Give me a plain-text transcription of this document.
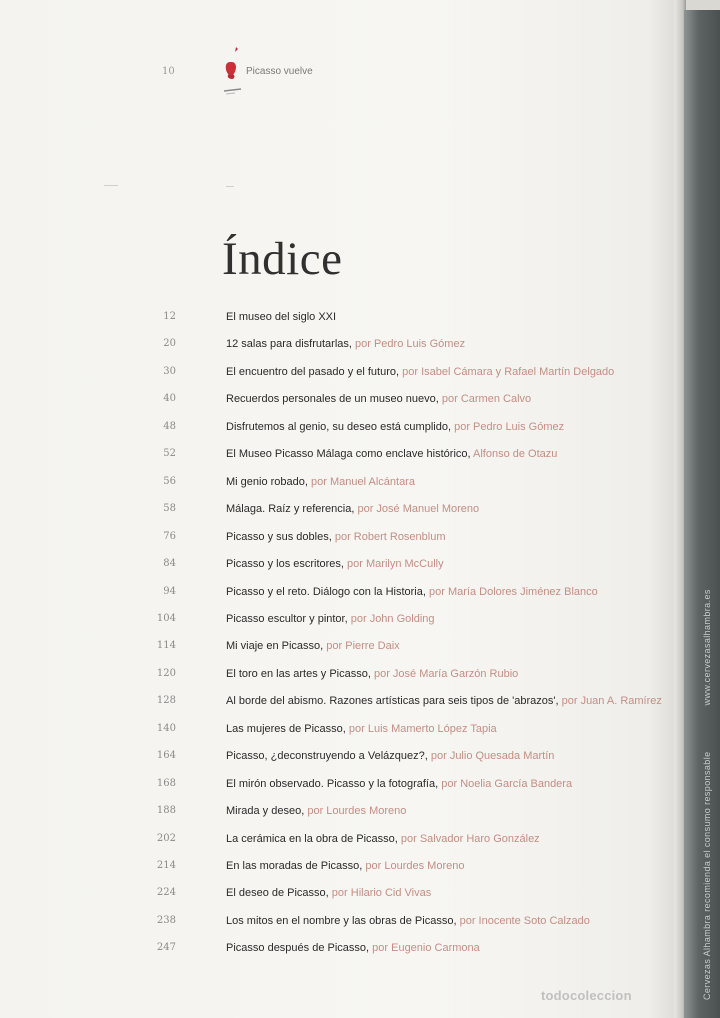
Cervezas Alhambra recomienda el consumo responsablewww.cervezasalhambra.es
10	Picasso vuelve
Índice
12	El museo del siglo XXI
20	12 salas para disfrutarlas, por Pedro Luis Gómez
30	El encuentro del pasado y el futuro, por Isabel Cámara y Rafael Martín Delgado
40	Recuerdos personales de un museo nuevo, por Carmen Calvo
48	Disfrutemos al genio, su deseo está cumplido, por Pedro Luis Gómez
52	El Museo Picasso Málaga como enclave histórico, Alfonso de Otazu
56	Mi genio robado, por Manuel Alcántara
58	Málaga. Raíz y referencia, por José Manuel Moreno
76	Picasso y sus dobles, por Robert Rosenblum
84	Picasso y los escritores, por Marilyn McCully
94	Picasso y el reto. Diálogo con la Historia, por María Dolores Jiménez Blanco
104	Picasso escultor y pintor, por John Golding
114	Mi viaje en Picasso, por Pierre Daix
120	El toro en las artes y Picasso, por José María Garzón Rubio
128	Al borde del abismo. Razones artísticas para seis tipos de 'abrazos', por Juan A. Ramírez
140	Las mujeres de Picasso, por Luis Mamerto López Tapia
164	Picasso, ¿deconstruyendo a Velázquez?, por Julio Quesada Martín
168	El mirón observado. Picasso y la fotografía, por Noelia García Bandera
188	Mirada y deseo, por Lourdes Moreno
202	La cerámica en la obra de Picasso, por Salvador Haro González
214	En las moradas de Picasso, por Lourdes Moreno
224	El deseo de Picasso, por Hilario Cid Vivas
238	Los mitos en el nombre y las obras de Picasso, por Inocente Soto Calzado
247	Picasso después de Picasso, por Eugenio Carmona
todocoleccion
